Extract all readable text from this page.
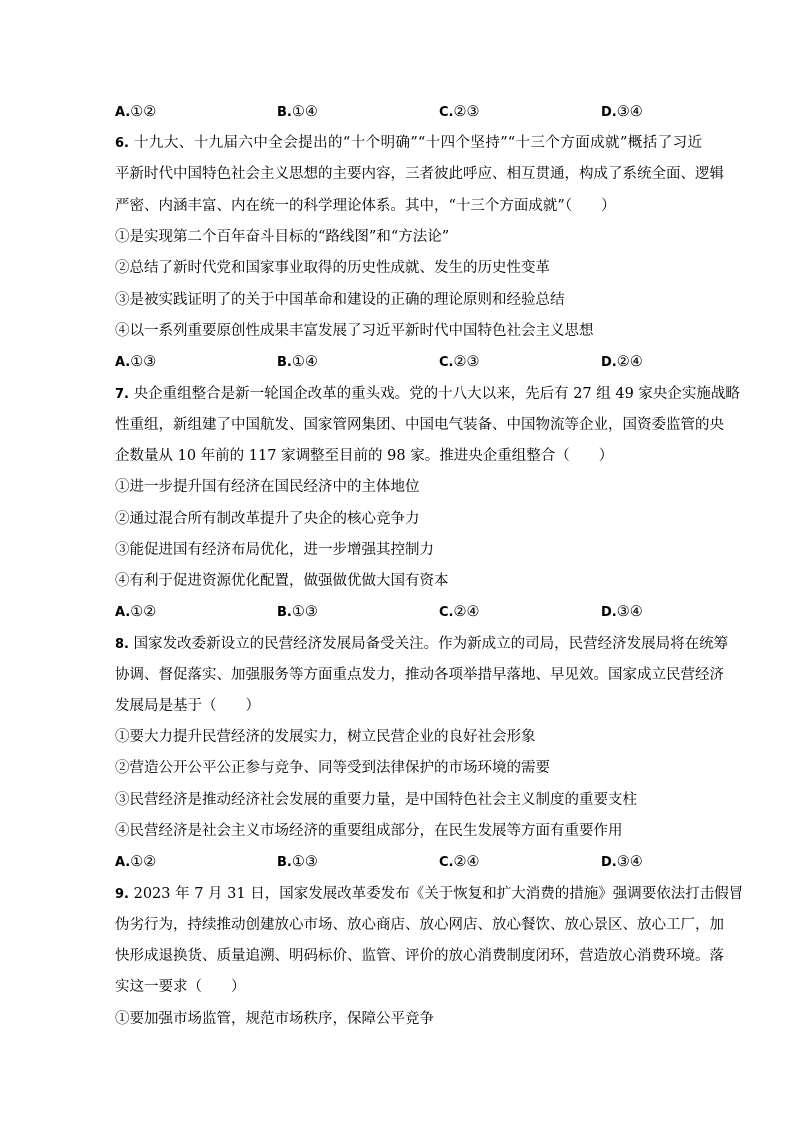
A.①②	B.①④	C.②③	D.③④
6. 十九大、十九届六中全会提出的“十个明确”“十四个坚持”“十三个方面成就”概括了习近
平新时代中国特色社会主义思想的主要内容，三者彼此呼应、相互贯通，构成了系统全面、逻辑
严密、内涵丰富、内在统一的科学理论体系。其中，“十三个方面成就”（　　）
①是实现第二个百年奋斗目标的“路线图”和“方法论”
②总结了新时代党和国家事业取得的历史性成就、发生的历史性变革
③是被实践证明了的关于中国革命和建设的正确的理论原则和经验总结
④以一系列重要原创性成果丰富发展了习近平新时代中国特色社会主义思想
A.①③	B.①④	C.②③	D.②④
7. 央企重组整合是新一轮国企改革的重头戏。党的十八大以来，先后有 27 组 49 家央企实施战略
性重组，新组建了中国航发、国家管网集团、中国电气装备、中国物流等企业，国资委监管的央
企数量从 10 年前的 117 家调整至目前的 98 家。推进央企重组整合（　　）
①进一步提升国有经济在国民经济中的主体地位
②通过混合所有制改革提升了央企的核心竞争力
③能促进国有经济布局优化，进一步增强其控制力
④有利于促进资源优化配置，做强做优做大国有资本
A.①②	B.①③	C.②④	D.③④
8. 国家发改委新设立的民营经济发展局备受关注。作为新成立的司局，民营经济发展局将在统筹
协调、督促落实、加强服务等方面重点发力，推动各项举措早落地、早见效。国家成立民营经济
发展局是基于（　　）
①要大力提升民营经济的发展实力，树立民营企业的良好社会形象
②营造公开公平公正参与竞争、同等受到法律保护的市场环境的需要
③民营经济是推动经济社会发展的重要力量，是中国特色社会主义制度的重要支柱
④民营经济是社会主义市场经济的重要组成部分，在民生发展等方面有重要作用
A.①②	B.①③	C.②④	D.③④
9. 2023 年 7 月 31 日，国家发展改革委发布《关于恢复和扩大消费的措施》强调要依法打击假冒
伪劣行为，持续推动创建放心市场、放心商店、放心网店、放心餐饮、放心景区、放心工厂，加
快形成退换货、质量追溯、明码标价、监管、评价的放心消费制度闭环，营造放心消费环境。落
实这一要求（　　）
①要加强市场监管，规范市场秩序，保障公平竞争
